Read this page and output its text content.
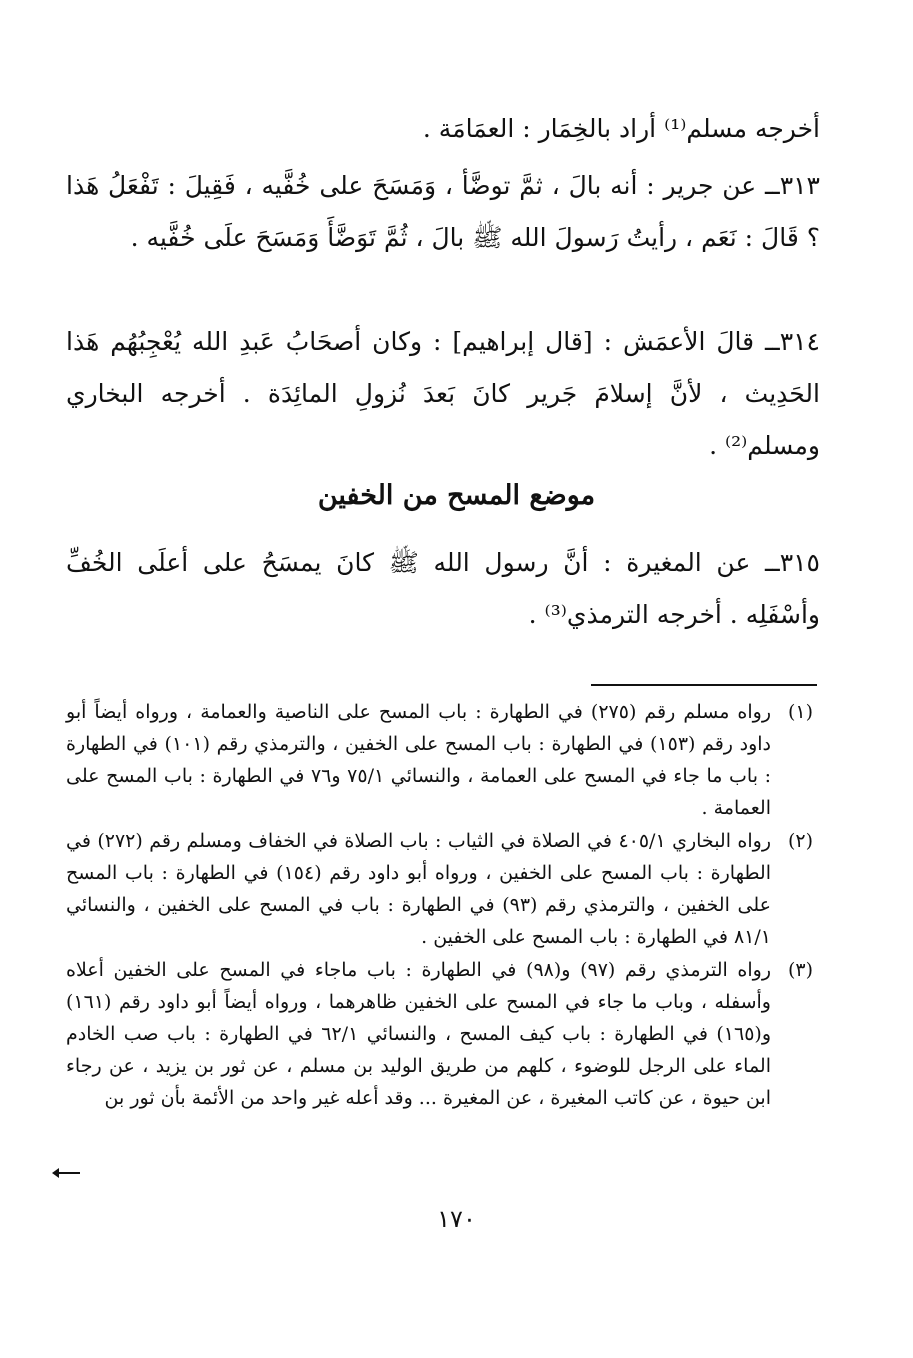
أخرجه مسلم⁽¹⁾ أراد بالخِمَار : العمَامَة .

٣١٣ــ عن جرير : أنه بالَ ، ثمَّ توضَّأ ، وَمَسَحَ على خُفَّيه ، فَقِيلَ : تَفْعَلُ هَذا ؟ قَالَ : نَعَم ، رأيتُ رَسولَ الله ﷺ بالَ ، ثُمَّ تَوَضَّأَ وَمَسَحَ علَى خُفَّيه .

٣١٤ــ قالَ الأعمَش : [قال إبراهيم] : وكان أصحَابُ عَبدِ الله يُعْجِبُهُم هَذا الحَدِيث ، لأنَّ إسلامَ جَرير كانَ بَعدَ نُزولِ المائِدَة . أخرجه البخاري ومسلم⁽²⁾ .

موضع المسح من الخفين

٣١٥ــ عن المغيرة : أنَّ رسول الله ﷺ كانَ يمسَحُ على أعلَى الخُفِّ وأسْفَلِه . أخرجه الترمذي⁽³⁾ .

(١)
رواه مسلم رقم (٢٧٥) في الطهارة : باب المسح على الناصية والعمامة ، ورواه أيضاً أبو داود رقم (١٥٣) في الطهارة : باب المسح على الخفين ، والترمذي رقم (١٠١) في الطهارة : باب ما جاء في المسح على العمامة ، والنسائي ٧٥/١ و٧٦ في الطهارة : باب المسح على العمامة .
(٢)
رواه البخاري ٤٠٥/١ في الصلاة في الثياب : باب الصلاة في الخفاف ومسلم رقم (٢٧٢) في الطهارة : باب المسح على الخفين ، ورواه أبو داود رقم (١٥٤) في الطهارة : باب المسح على الخفين ، والترمذي رقم (٩٣) في الطهارة : باب في المسح على الخفين ، والنسائي ٨١/١ في الطهارة : باب المسح على الخفين .
(٣)
رواه الترمذي رقم (٩٧) و(٩٨) في الطهارة : باب ماجاء في المسح على الخفين أعلاه وأسفله ، وباب ما جاء في المسح على الخفين ظاهرهما ، ورواه أيضاً أبو داود رقم (١٦١) و(١٦٥) في الطهارة : باب كيف المسح ، والنسائي ٦٢/١ في الطهارة : باب صب الخادم الماء على الرجل للوضوء ، كلهم من طريق الوليد بن مسلم ، عن ثور بن يزيد ، عن رجاء ابن حيوة ، عن كاتب المغيرة ، عن المغيرة ... وقد أعله غير واحد من الأئمة بأن ثور بن
١٧٠
